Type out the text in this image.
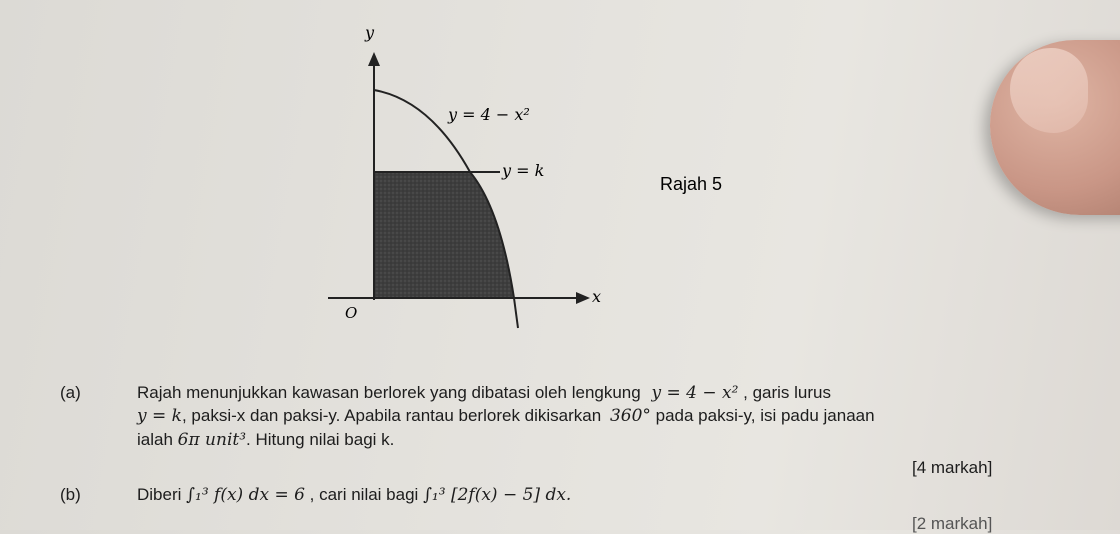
y
x
O
y = 4 − x²
y = k
Rajah 5
(a)	Rajah menunjukkan kawasan berlorek yang dibatasi oleh lengkung y = 4 − x² , garis lurus
y = k, paksi-x dan paksi-y. Apabila rantau berlorek dikisarkan 360° pada paksi-y, isi padu janaan
ialah 6π unit³. Hitung nilai bagi k.
[4 markah]
(b)	Diberi ∫₁³ f(x) dx = 6 , cari nilai bagi ∫₁³ [2f(x) − 5] dx.
[2 markah]
